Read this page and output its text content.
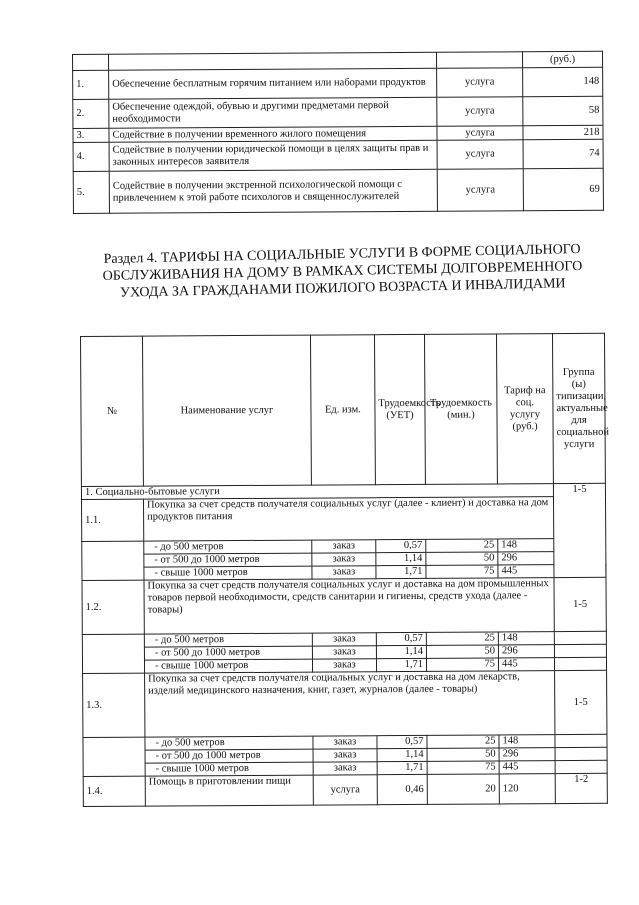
			(руб.)
1.	Обеспечение бесплатным горячим питанием или наборами продуктов	услуга	148
2.	Обеспечение одеждой, обувью и другими предметами первой необходимости	услуга	58
3.	Содействие в получении временного жилого помещения	услуга	218
4.	Содействие в получении юридической помощи в целях защиты прав и законных интересов заявителя	услуга	74
5.	Содействие в получении экстренной психологической помощи с привлечением к этой работе психологов и священнослужителей	услуга	69
Раздел 4. ТАРИФЫ НА СОЦИАЛЬНЫЕ УСЛУГИ В ФОРМЕ СОЦИАЛЬНОГО ОБСЛУЖИВАНИЯ НА ДОМУ В РАМКАХ СИСТЕМЫ ДОЛГОВРЕМЕННОГО УХОДА ЗА ГРАЖДАНАМИ ПОЖИЛОГО ВОЗРАСТА И ИНВАЛИДАМИ
№	Наименование услуг	Ед. изм.	Трудоемкость (УЕТ)	Трудоемкость (мин.)	Тариф на соц. услугу (руб.)	Группа (ы) типизации, актуальные для социальной услуги	
1. Социально-бытовые услуги						1-5	
1.1.	Покупка за счет средств получателя социальных услуг (далее - клиент) и доставка на дом продуктов питания						
	- до 500 метров	заказ	0,57	25	148		
	- от 500 до 1000 метров	заказ	1,14	50	296		
	- свыше 1000 метров	заказ	1,71	75	445		
1.2.	Покупка за счет средств получателя социальных услуг и доставка на дом промышленных товаров первой необходимости, средств санитарии и гигиены, средств ухода (далее - товары)					1-5	
	- до 500 метров	заказ	0,57	25	148		
	- от 500 до 1000 метров	заказ	1,14	50	296		
	- свыше 1000 метров	заказ	1,71	75	445		
1.3.	Покупка за счет средств получателя социальных услуг и доставка на дом лекарств, изделий медицинского назначения, книг, газет, журналов (далее - товары)					1-5	
	- до 500 метров	заказ	0,57	25	148		
	- от 500 до 1000 метров	заказ	1,14	50	296		
	- свыше 1000 метров	заказ	1,71	75	445		
1.4.	Помощь в приготовлении пищи	услуга	0,46	20	120	1-2	
